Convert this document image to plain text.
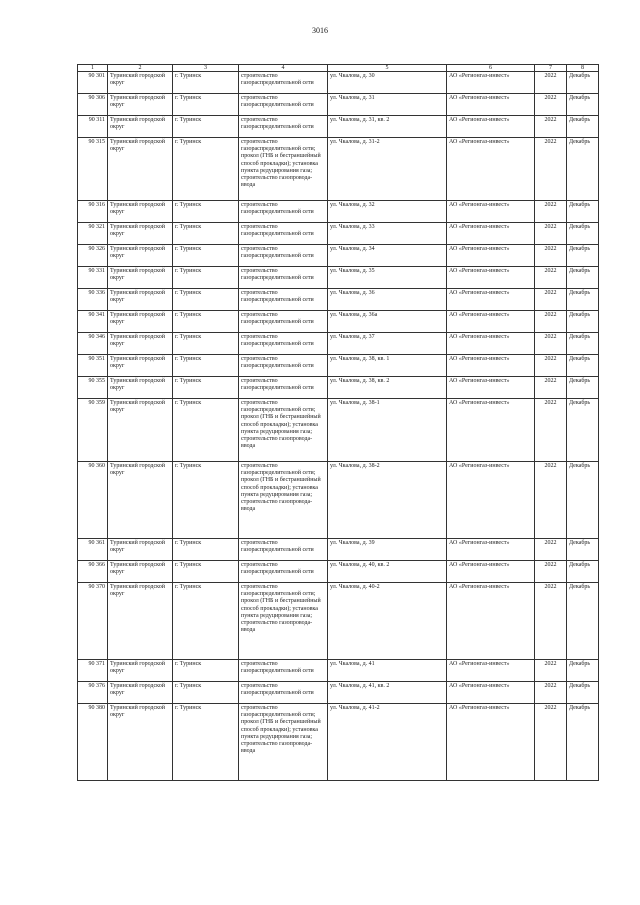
3016
1	2	3	4	5	6	7	8
90 301	Туринский городской округ	г. Туринск	строительство газораспределительной сети	ул. Чкалова, д. 30	АО «Регионгаз-инвест»	2022	Декабрь
90 306	Туринский городской округ	г. Туринск	строительство газораспределительной сети	ул. Чкалова, д. 31	АО «Регионгаз-инвест»	2022	Декабрь
90 311	Туринский городской округ	г. Туринск	строительство газораспределительной сети	ул. Чкалова, д. 31, кв. 2	АО «Регионгаз-инвест»	2022	Декабрь
90 315	Туринский городской округ	г. Туринск	строительство газораспределительной сети; прокол (ГНБ и бестраншейный способ прокладки); установка пункта редуцирования газа; строительство газопровода-ввода	ул. Чкалова, д. 31-2	АО «Регионгаз-инвест»	2022	Декабрь
90 316	Туринский городской округ	г. Туринск	строительство газораспределительной сети	ул. Чкалова, д. 32	АО «Регионгаз-инвест»	2022	Декабрь
90 321	Туринский городской округ	г. Туринск	строительство газораспределительной сети	ул. Чкалова, д. 33	АО «Регионгаз-инвест»	2022	Декабрь
90 326	Туринский городской округ	г. Туринск	строительство газораспределительной сети	ул. Чкалова, д. 34	АО «Регионгаз-инвест»	2022	Декабрь
90 331	Туринский городской округ	г. Туринск	строительство газораспределительной сети	ул. Чкалова, д. 35	АО «Регионгаз-инвест»	2022	Декабрь
90 336	Туринский городской округ	г. Туринск	строительство газораспределительной сети	ул. Чкалова, д. 36	АО «Регионгаз-инвест»	2022	Декабрь
90 341	Туринский городской округ	г. Туринск	строительство газораспределительной сети	ул. Чкалова, д. 36а	АО «Регионгаз-инвест»	2022	Декабрь
90 346	Туринский городской округ	г. Туринск	строительство газораспределительной сети	ул. Чкалова, д. 37	АО «Регионгаз-инвест»	2022	Декабрь
90 351	Туринский городской округ	г. Туринск	строительство газораспределительной сети	ул. Чкалова, д. 38, кв. 1	АО «Регионгаз-инвест»	2022	Декабрь
90 355	Туринский городской округ	г. Туринск	строительство газораспределительной сети	ул. Чкалова, д. 38, кв. 2	АО «Регионгаз-инвест»	2022	Декабрь
90 359	Туринский городской округ	г. Туринск	строительство газораспределительной сети; прокол (ГНБ и бестраншейный способ прокладки); установка пункта редуцирования газа; строительство газопровода-ввода	ул. Чкалова, д. 38-1	АО «Регионгаз-инвест»	2022	Декабрь
90 360	Туринский городской округ	г. Туринск	строительство газораспределительной сети; прокол (ГНБ и бестраншейный способ прокладки); установка пункта редуцирования газа; строительство газопровода-ввода	ул. Чкалова, д. 38-2	АО «Регионгаз-инвест»	2022	Декабрь
90 361	Туринский городской округ	г. Туринск	строительство газораспределительной сети	ул. Чкалова, д. 39	АО «Регионгаз-инвест»	2022	Декабрь
90 366	Туринский городской округ	г. Туринск	строительство газораспределительной сети	ул. Чкалова, д. 40, кв. 2	АО «Регионгаз-инвест»	2022	Декабрь
90 370	Туринский городской округ	г. Туринск	строительство газораспределительной сети; прокол (ГНБ и бестраншейный способ прокладки); установка пункта редуцирования газа; строительство газопровода-ввода	ул. Чкалова, д. 40-2	АО «Регионгаз-инвест»	2022	Декабрь
90 371	Туринский городской округ	г. Туринск	строительство газораспределительной сети	ул. Чкалова, д. 41	АО «Регионгаз-инвест»	2022	Декабрь
90 376	Туринский городской округ	г. Туринск	строительство газораспределительной сети	ул. Чкалова, д. 41, кв. 2	АО «Регионгаз-инвест»	2022	Декабрь
90 380	Туринский городской округ	г. Туринск	строительство газораспределительной сети; прокол (ГНБ и бестраншейный способ прокладки); установка пункта редуцирования газа; строительство газопровода-ввода	ул. Чкалова, д. 41-2	АО «Регионгаз-инвест»	2022	Декабрь
